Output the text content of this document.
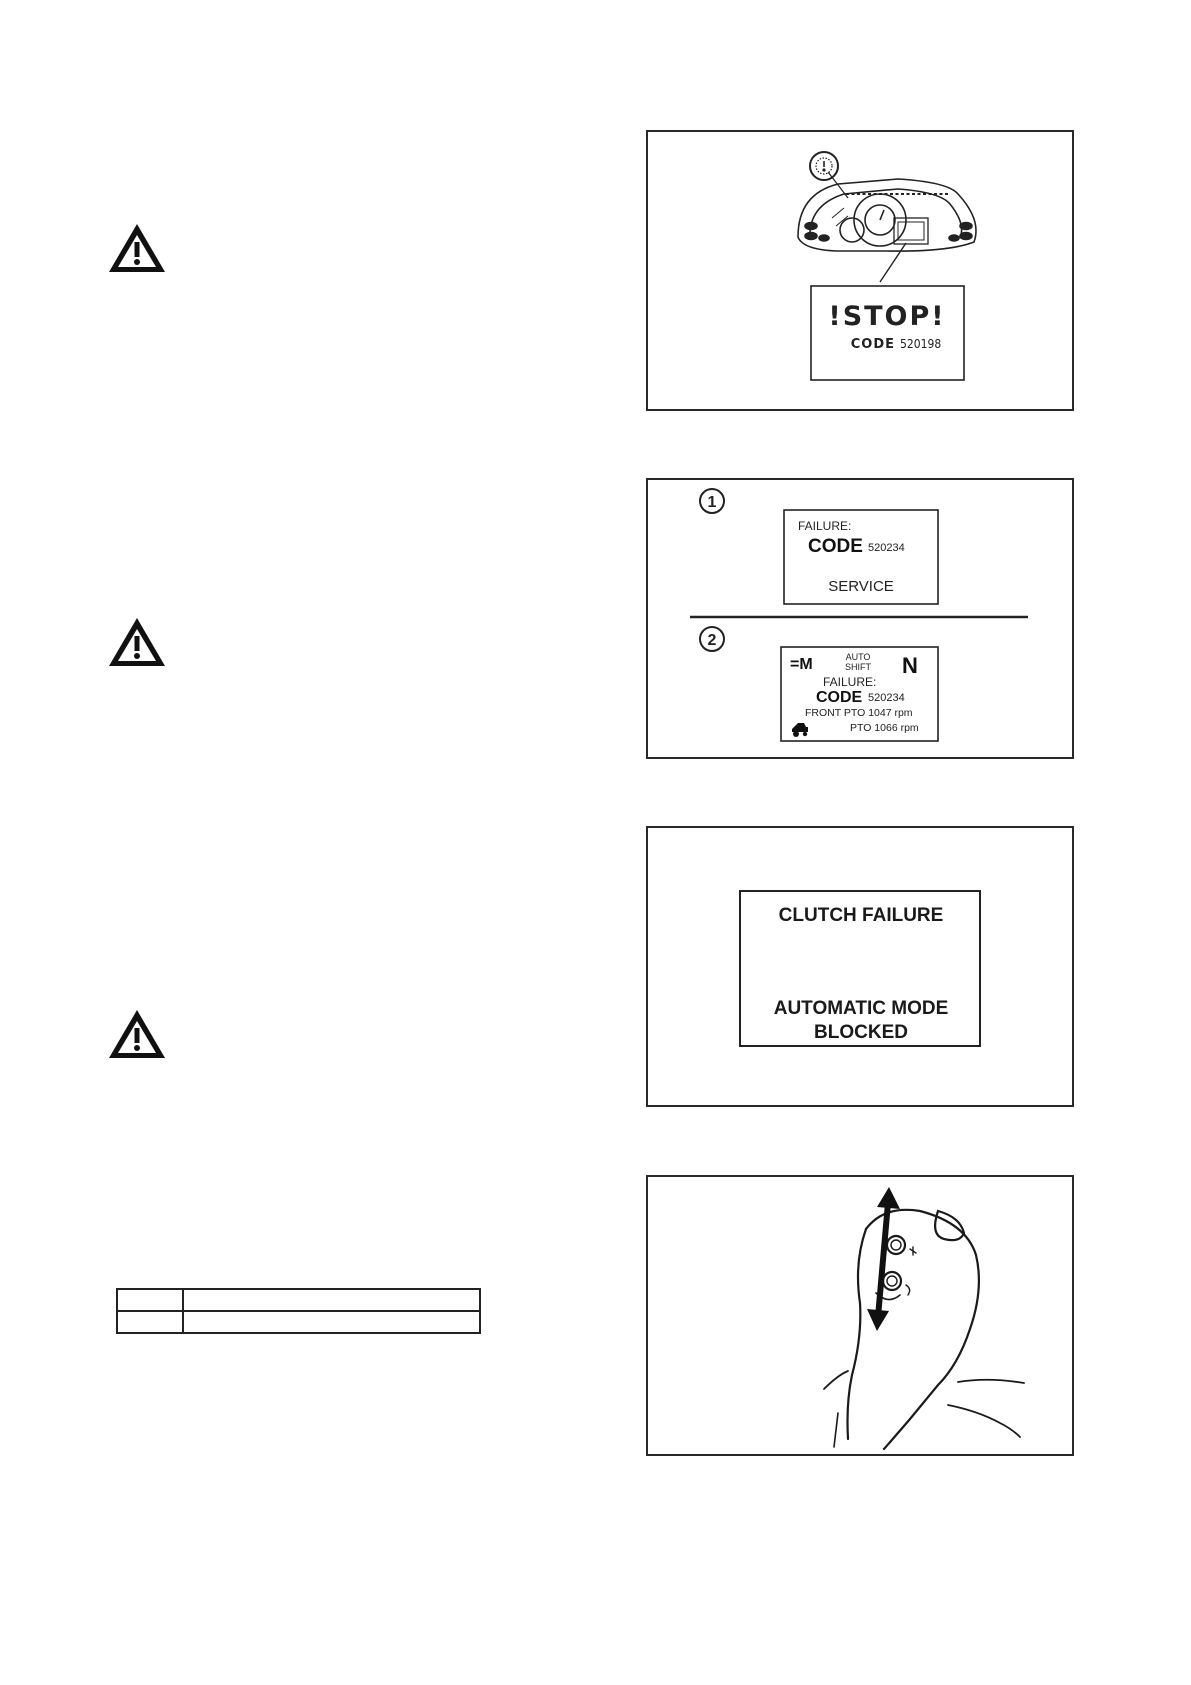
!STOP!
CODE 520198
1
FAILURE:
CODE 520234
SERVICE
2
=M	AUTO
SHIFT N
FAILURE:
CODE 520234
FRONT PTO 1047 rpm
PTO 1066 rpm
CLUTCH FAILURE
AUTOMATIC MODE
BLOCKED
